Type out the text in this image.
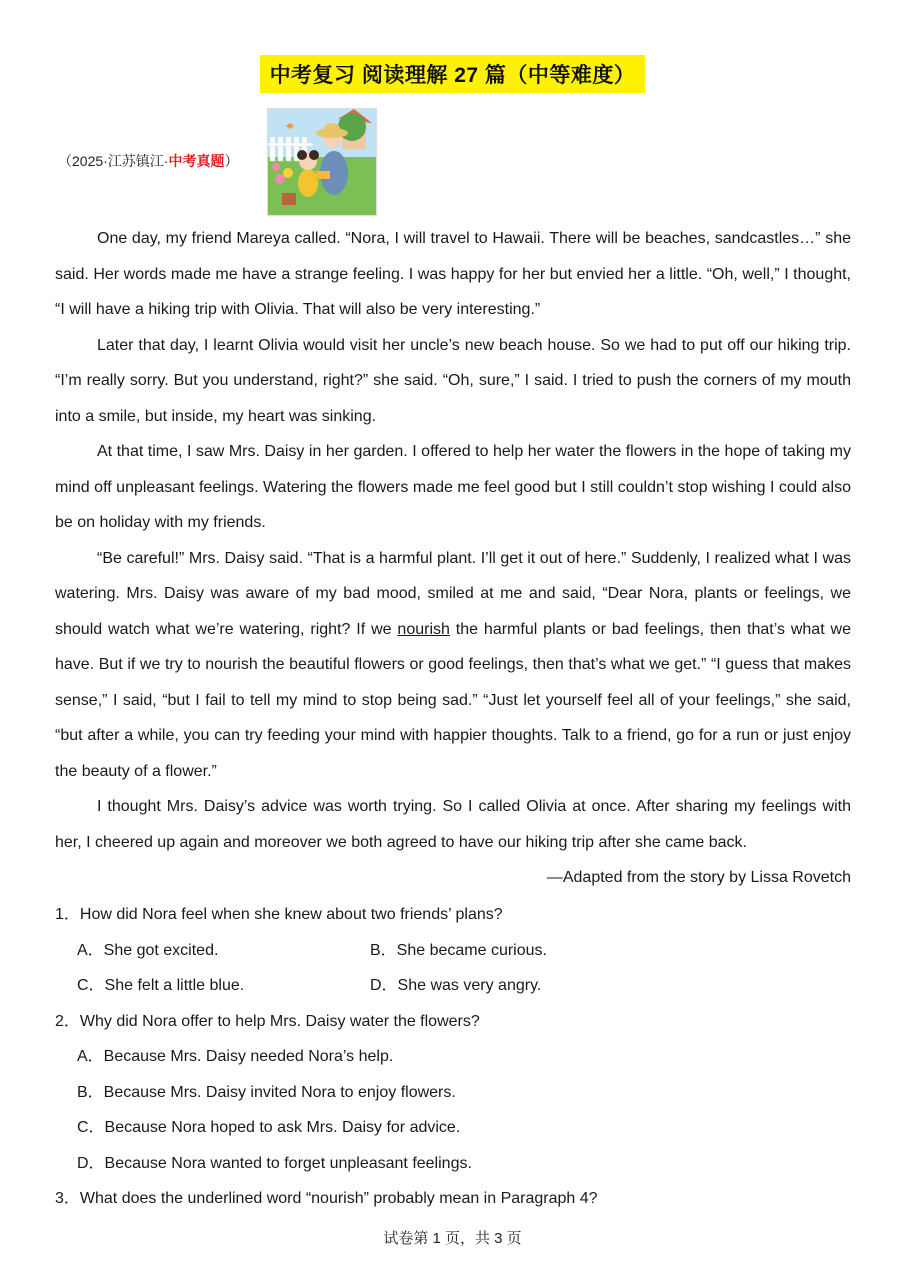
中考复习 阅读理解 27 篇（中等难度）
（2025·江苏镇江·中考真题）

One day, my friend Mareya called. “Nora, I will travel to Hawaii. There will be beaches, sandcastles…” she said. Her words made me have a strange feeling. I was happy for her but envied her a little. “Oh, well,” I thought, “I will have a hiking trip with Olivia. That will also be very interesting.”

Later that day, I learnt Olivia would visit her uncle’s new beach house. So we had to put off our hiking trip. “I’m really sorry. But you understand, right?” she said. “Oh, sure,” I said. I tried to push the corners of my mouth into a smile, but inside, my heart was sinking.

At that time, I saw Mrs. Daisy in her garden. I offered to help her water the flowers in the hope of taking my mind off unpleasant feelings. Watering the flowers made me feel good but I still couldn’t stop wishing I could also be on holiday with my friends.

“Be careful!” Mrs. Daisy said. “That is a harmful plant. I’ll get it out of here.” Suddenly, I realized what I was watering. Mrs. Daisy was aware of my bad mood, smiled at me and said, “Dear Nora, plants or feelings, we should watch what we’re watering, right? If we nourish the harmful plants or bad feelings, then that’s what we have. But if we try to nourish the beautiful flowers or good feelings, then that’s what we get.” “I guess that makes sense,” I said, “but I fail to tell my mind to stop being sad.” “Just let yourself feel all of your feelings,” she said, “but after a while, you can try feeding your mind with happier thoughts. Talk to a friend, go for a run or just enjoy the beauty of a flower.”

I thought Mrs. Daisy’s advice was worth trying. So I called Olivia at once. After sharing my feelings with her, I cheered up again and moreover we both agreed to have our hiking trip after she came back.

—Adapted from the story by Lissa Rovetch

1．How did Nora feel when she knew about two friends’ plans?

A．She got excited.	B．She became curious.
C．She felt a little blue.	D．She was very angry.

2．Why did Nora offer to help Mrs. Daisy water the flowers?

A．Because Mrs. Daisy needed Nora’s help.

B．Because Mrs. Daisy invited Nora to enjoy flowers.

C．Because Nora hoped to ask Mrs. Daisy for advice.

D．Because Nora wanted to forget unpleasant feelings.

3．What does the underlined word “nourish” probably mean in Paragraph 4?

试卷第 1 页，共 3 页
